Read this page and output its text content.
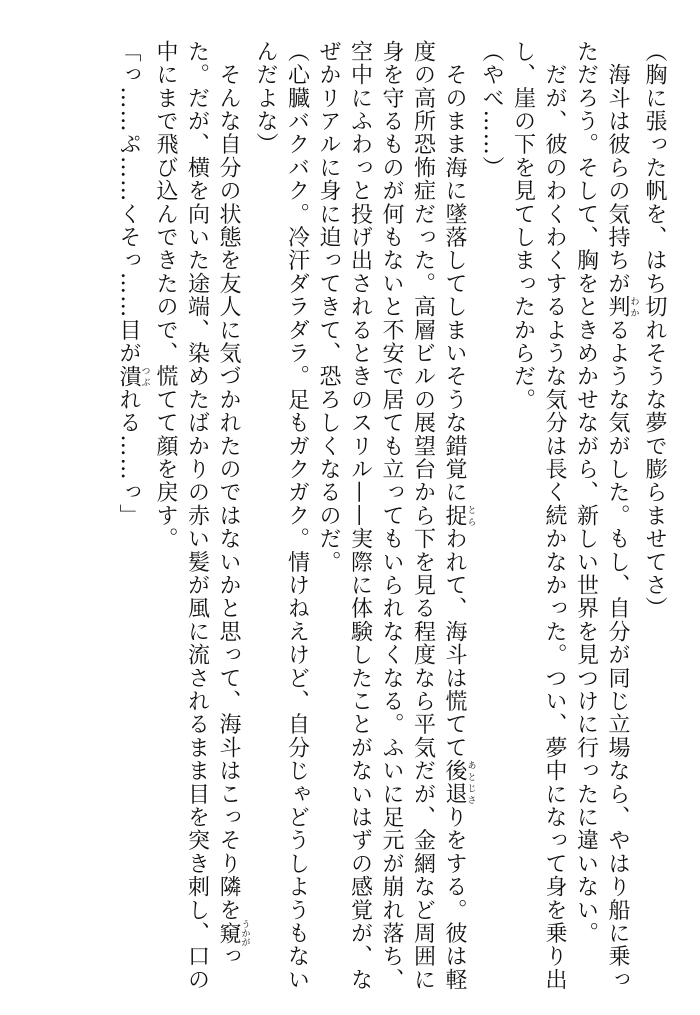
（胸に張った帆を、はち切れそうな夢で膨らませてさ）

　海斗は彼らの気持ちが判わかるような気がした。もし、自分が同じ立場なら、やはり船に乗っただろう。そして、胸をときめかせながら、新しい世界を見つけに行ったに違いない。

　だが、彼のわくわくするような気分は長く続かなかった。つい、夢中になって身を乗り出し、崖の下を見てしまったからだ。

（やべ……）

　そのまま海に墜落してしまいそうな錯覚に捉とらわれて、海斗は慌てて後退あとじさりをする。彼は軽度の高所恐怖症だった。高層ビルの展望台から下を見る程度なら平気だが、金網など周囲に身を守るものが何もないと不安で居ても立ってもいられなくなる。ふいに足元が崩れ落ち、空中にふわっと投げ出されるときのスリル——実際に体験したことがないはずの感覚が、なぜかリアルに身に迫ってきて、恐ろしくなるのだ。

（心臓バクバク。冷汗ダラダラ。足もガクガク。情けねえけど、自分じゃどうしようもないんだよな）

　そんな自分の状態を友人に気づかれたのではないかと思って、海斗はこっそり隣を窺うかがった。だが、横を向いた途端、染めたばかりの赤い髪が風に流されるまま目を突き刺し、口の中にまで飛び込んできたので、慌てて顔を戻す。

「っ……ぷ……くそっ……目が潰つぶれる……っ」
